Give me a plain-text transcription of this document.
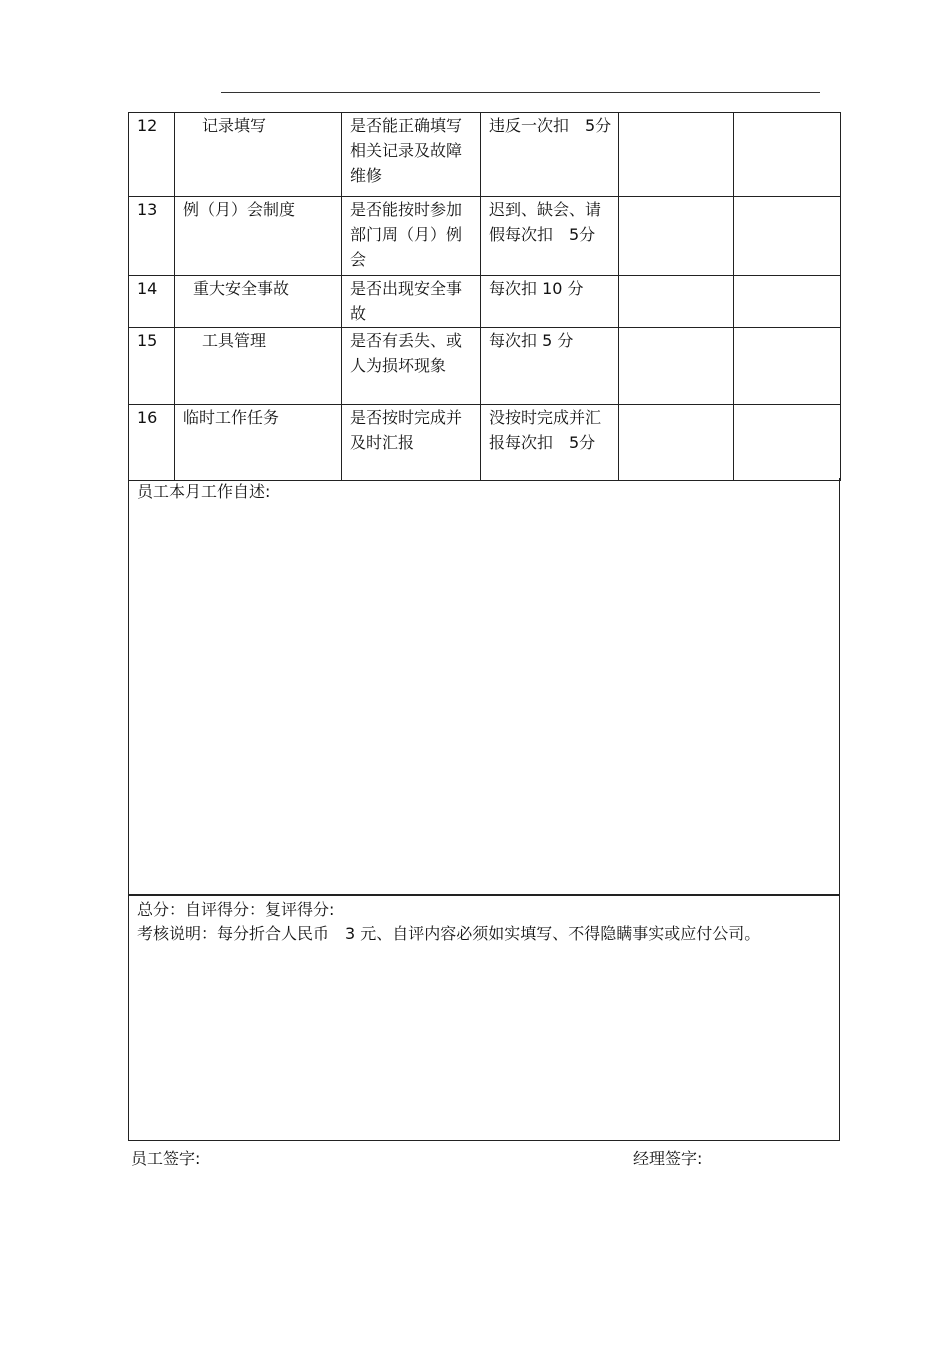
12	记录填写	是否能正确填写相关记录及故障维修	违反一次扣　5分		

13	例（月）会制度	是否能按时参加部门周（月）例会	迟到、缺会、请假每次扣　5分		

14	重大安全事故	是否出现安全事故	每次扣 10 分		

15	工具管理	是否有丢失、或人为损坏现象	每次扣 5 分		

16	临时工作任务	是否按时完成并及时汇报	没按时完成并汇报每次扣　5分		

员工本月工作自述:
总分：自评得分：复评得分:
考核说明：每分折合人民币　3 元、自评内容必须如实填写、不得隐瞒事实或应付公司。
员工签字:	经理签字:
